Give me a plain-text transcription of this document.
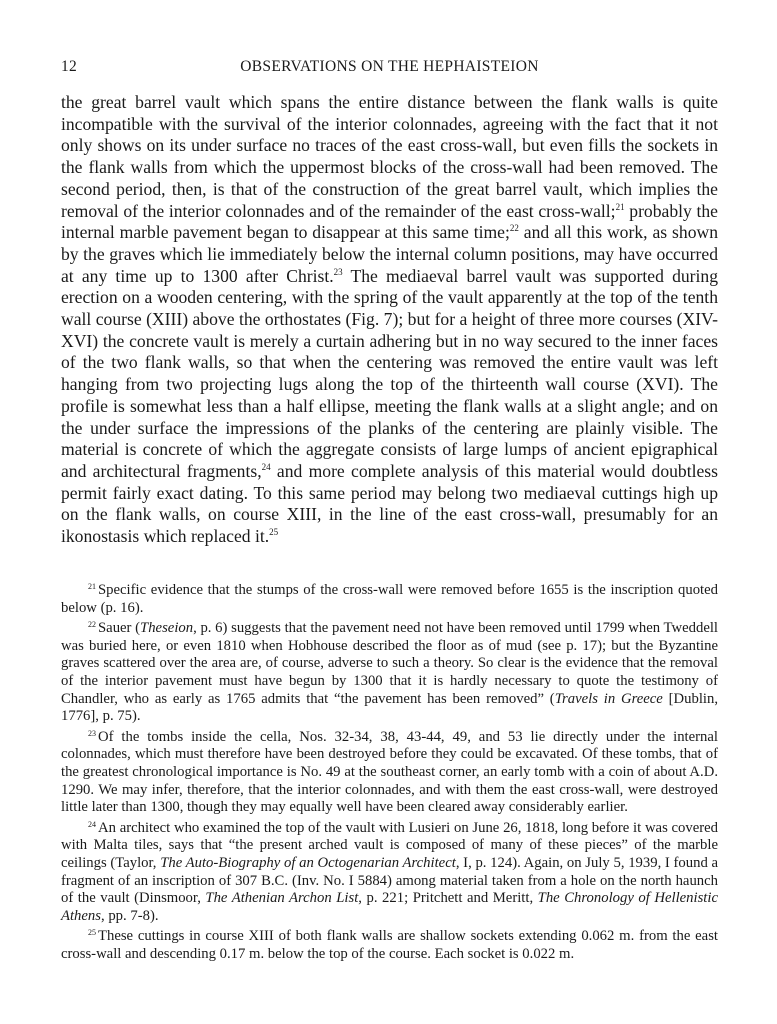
12	OBSERVATIONS ON THE HEPHAISTEION

the great barrel vault which spans the entire distance between the flank walls is quite incompatible with the survival of the interior colonnades, agreeing with the fact that it not only shows on its under surface no traces of the east cross-wall, but even fills the sockets in the flank walls from which the uppermost blocks of the cross-wall had been removed. The second period, then, is that of the construction of the great barrel vault, which implies the removal of the interior colonnades and of the remainder of the east cross-wall;$^{21}$ probably the internal marble pavement began to disappear at this same time;$^{22}$ and all this work, as shown by the graves which lie immediately below the internal column positions, may have occurred at any time up to 1300 after Christ.$^{23}$ The mediaeval barrel vault was supported during erection on a wooden centering, with the spring of the vault apparently at the top of the tenth wall course (XIII) above the orthostates (Fig. 7); but for a height of three more courses (XIV-XVI) the concrete vault is merely a curtain adhering but in no way secured to the inner faces of the two flank walls, so that when the centering was removed the entire vault was left hanging from two projecting lugs along the top of the thirteenth wall course (XVI). The profile is somewhat less than a half ellipse, meeting the flank walls at a slight angle; and on the under surface the impressions of the planks of the centering are plainly visible. The material is concrete of which the aggregate consists of large lumps of ancient epigraphical and architectural fragments,$^{24}$ and more complete analysis of this material would doubtless permit fairly exact dating. To this same period may belong two mediaeval cuttings high up on the flank walls, on course XIII, in the line of the east cross-wall, presumably for an ikonostasis which replaced it.$^{25}$

$^{21}$ Specific evidence that the stumps of the cross-wall were removed before 1655 is the inscription quoted below (p. 16).

$^{22}$ Sauer (Theseion, p. 6) suggests that the pavement need not have been removed until 1799 when Tweddell was buried here, or even 1810 when Hobhouse described the floor as of mud (see p. 17); but the Byzantine graves scattered over the area are, of course, adverse to such a theory. So clear is the evidence that the removal of the interior pavement must have begun by 1300 that it is hardly necessary to quote the testimony of Chandler, who as early as 1765 admits that “the pavement has been removed” (Travels in Greece [Dublin, 1776], p. 75).

$^{23}$ Of the tombs inside the cella, Nos. 32-34, 38, 43-44, 49, and 53 lie directly under the internal colonnades, which must therefore have been destroyed before they could be excavated. Of these tombs, that of the greatest chronological importance is No. 49 at the southeast corner, an early tomb with a coin of about A.D. 1290. We may infer, therefore, that the interior colonnades, and with them the east cross-wall, were destroyed little later than 1300, though they may equally well have been cleared away considerably earlier.

$^{24}$ An architect who examined the top of the vault with Lusieri on June 26, 1818, long before it was covered with Malta tiles, says that “the present arched vault is composed of many of these pieces” of the marble ceilings (Taylor, The Auto-Biography of an Octogenarian Architect, I, p. 124). Again, on July 5, 1939, I found a fragment of an inscription of 307 B.C. (Inv. No. I 5884) among material taken from a hole on the north haunch of the vault (Dinsmoor, The Athenian Archon List, p. 221; Pritchett and Meritt, The Chronology of Hellenistic Athens, pp. 7-8).

$^{25}$ These cuttings in course XIII of both flank walls are shallow sockets extending 0.062 m. from the east cross-wall and descending 0.17 m. below the top of the course. Each socket is 0.022 m.
